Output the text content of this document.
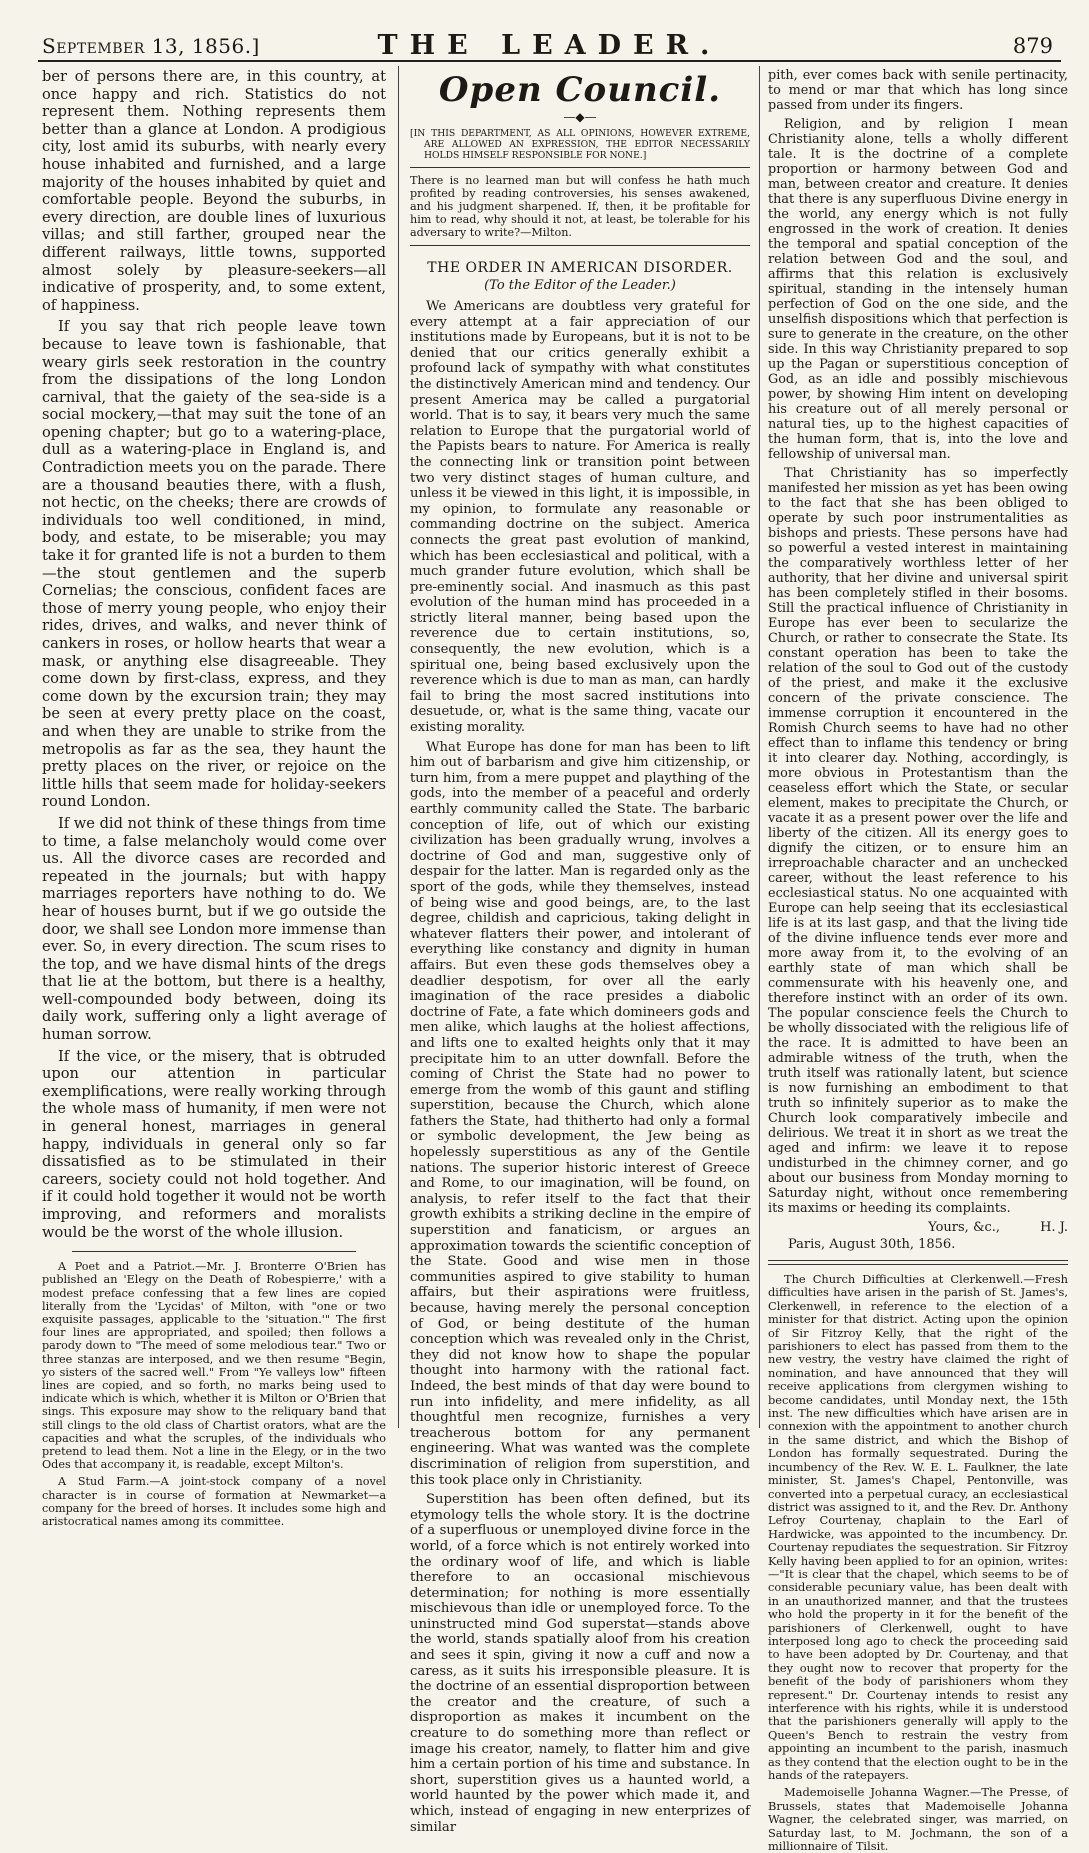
September 13, 1856.]	THE LEADER.	879

ber of persons there are, in this country, at once happy and rich. Statistics do not represent them. Nothing represents them better than a glance at London. A prodigious city, lost amid its suburbs, with nearly every house inhabited and furnished, and a large majority of the houses inhabited by quiet and comfortable people. Beyond the suburbs, in every direction, are double lines of luxurious villas; and still farther, grouped near the different railways, little towns, supported almost solely by pleasure-seekers—all indicative of prosperity, and, to some extent, of happiness.

If you say that rich people leave town because to leave town is fashionable, that weary girls seek restoration in the country from the dissipations of the long London carnival, that the gaiety of the sea-side is a social mockery,—that may suit the tone of an opening chapter; but go to a watering-place, dull as a watering-place in England is, and Contradiction meets you on the parade. There are a thousand beauties there, with a flush, not hectic, on the cheeks; there are crowds of individuals too well conditioned, in mind, body, and estate, to be miserable; you may take it for granted life is not a burden to them—the stout gentlemen and the superb Cornelias; the conscious, confident faces are those of merry young people, who enjoy their rides, drives, and walks, and never think of cankers in roses, or hollow hearts that wear a mask, or anything else disagreeable. They come down by first-class, express, and they come down by the excursion train; they may be seen at every pretty place on the coast, and when they are unable to strike from the metropolis as far as the sea, they haunt the pretty places on the river, or rejoice on the little hills that seem made for holiday-seekers round London.

If we did not think of these things from time to time, a false melancholy would come over us. All the divorce cases are recorded and repeated in the journals; but with happy marriages reporters have nothing to do. We hear of houses burnt, but if we go outside the door, we shall see London more immense than ever. So, in every direction. The scum rises to the top, and we have dismal hints of the dregs that lie at the bottom, but there is a healthy, well-compounded body between, doing its daily work, suffering only a light average of human sorrow.

If the vice, or the misery, that is obtruded upon our attention in particular exemplifications, were really working through the whole mass of humanity, if men were not in general honest, marriages in general happy, individuals in general only so far dissatisfied as to be stimulated in their careers, society could not hold together. And if it could hold together it would not be worth improving, and reformers and moralists would be the worst of the whole illusion.

A Poet and a Patriot.—Mr. J. Bronterre O'Brien has published an 'Elegy on the Death of Robespierre,' with a modest preface confessing that a few lines are copied literally from the 'Lycidas' of Milton, with "one or two exquisite passages, applicable to the 'situation.'" The first four lines are appropriated, and spoiled; then follows a parody down to "The meed of some melodious tear." Two or three stanzas are interposed, and we then resume "Begin, yo sisters of the sacred well." From "Ye valleys low" fifteen lines are copied, and so forth, no marks being used to indicate which is which, whether it is Milton or O'Brien that sings. This exposure may show to the reliquary band that still clings to the old class of Chartist orators, what are the capacities and what the scruples, of the individuals who pretend to lead them. Not a line in the Elegy, or in the two Odes that accompany it, is readable, except Milton's.

A Stud Farm.—A joint-stock company of a novel character is in course of formation at Newmarket—a company for the breed of horses. It includes some high and aristocratical names among its committee.

Open Council.
—◆—
[IN THIS DEPARTMENT, AS ALL OPINIONS, HOWEVER EXTREME, ARE ALLOWED AN EXPRESSION, THE EDITOR NECESSARILY HOLDS HIMSELF RESPONSIBLE FOR NONE.]
There is no learned man but will confess he hath much profited by reading controversies, his senses awakened, and his judgment sharpened. If, then, it be profitable for him to read, why should it not, at least, be tolerable for his adversary to write?—Milton.
THE ORDER IN AMERICAN DISORDER.
(To the Editor of the Leader.)

We Americans are doubtless very grateful for every attempt at a fair appreciation of our institutions made by Europeans, but it is not to be denied that our critics generally exhibit a profound lack of sympathy with what constitutes the distinctively American mind and tendency. Our present America may be called a purgatorial world. That is to say, it bears very much the same relation to Europe that the purgatorial world of the Papists bears to nature. For America is really the connecting link or transition point between two very distinct stages of human culture, and unless it be viewed in this light, it is impossible, in my opinion, to formulate any reasonable or commanding doctrine on the subject. America connects the great past evolution of mankind, which has been ecclesiastical and political, with a much grander future evolution, which shall be pre-eminently social. And inasmuch as this past evolution of the human mind has proceeded in a strictly literal manner, being based upon the reverence due to certain institutions, so, consequently, the new evolution, which is a spiritual one, being based exclusively upon the reverence which is due to man as man, can hardly fail to bring the most sacred institutions into desuetude, or, what is the same thing, vacate our existing morality.

What Europe has done for man has been to lift him out of barbarism and give him citizenship, or turn him, from a mere puppet and plaything of the gods, into the member of a peaceful and orderly earthly community called the State. The barbaric conception of life, out of which our existing civilization has been gradually wrung, involves a doctrine of God and man, suggestive only of despair for the latter. Man is regarded only as the sport of the gods, while they themselves, instead of being wise and good beings, are, to the last degree, childish and capricious, taking delight in whatever flatters their power, and intolerant of everything like constancy and dignity in human affairs. But even these gods themselves obey a deadlier despotism, for over all the early imagination of the race presides a diabolic doctrine of Fate, a fate which domineers gods and men alike, which laughs at the holiest affections, and lifts one to exalted heights only that it may precipitate him to an utter downfall. Before the coming of Christ the State had no power to emerge from the womb of this gaunt and stifling superstition, because the Church, which alone fathers the State, had thitherto had only a formal or symbolic development, the Jew being as hopelessly superstitious as any of the Gentile nations. The superior historic interest of Greece and Rome, to our imagination, will be found, on analysis, to refer itself to the fact that their growth exhibits a striking decline in the empire of superstition and fanaticism, or argues an approximation towards the scientific conception of the State. Good and wise men in those communities aspired to give stability to human affairs, but their aspirations were fruitless, because, having merely the personal conception of God, or being destitute of the human conception which was revealed only in the Christ, they did not know how to shape the popular thought into harmony with the rational fact. Indeed, the best minds of that day were bound to run into infidelity, and mere infidelity, as all thoughtful men recognize, furnishes a very treacherous bottom for any permanent engineering. What was wanted was the complete discrimination of religion from superstition, and this took place only in Christianity.

Superstition has been often defined, but its etymology tells the whole story. It is the doctrine of a superfluous or unemployed divine force in the world, of a force which is not entirely worked into the ordinary woof of life, and which is liable therefore to an occasional mischievous determination; for nothing is more essentially mischievous than idle or unemployed force. To the uninstructed mind God superstat—stands above the world, stands spatially aloof from his creation and sees it spin, giving it now a cuff and now a caress, as it suits his irresponsible pleasure. It is the doctrine of an essential disproportion between the creator and the creature, of such a disproportion as makes it incumbent on the creature to do something more than reflect or image his creator, namely, to flatter him and give him a certain portion of his time and substance. In short, superstition gives us a haunted world, a world haunted by the power which made it, and which, instead of engaging in new enterprizes of similar

pith, ever comes back with senile pertinacity, to mend or mar that which has long since passed from under its fingers.

Religion, and by religion I mean Christianity alone, tells a wholly different tale. It is the doctrine of a complete proportion or harmony between God and man, between creator and creature. It denies that there is any superfluous Divine energy in the world, any energy which is not fully engrossed in the work of creation. It denies the temporal and spatial conception of the relation between God and the soul, and affirms that this relation is exclusively spiritual, standing in the intensely human perfection of God on the one side, and the unselfish dispositions which that perfection is sure to generate in the creature, on the other side. In this way Christianity prepared to sop up the Pagan or superstitious conception of God, as an idle and possibly mischievous power, by showing Him intent on developing his creature out of all merely personal or natural ties, up to the highest capacities of the human form, that is, into the love and fellowship of universal man.

That Christianity has so imperfectly manifested her mission as yet has been owing to the fact that she has been obliged to operate by such poor instrumentalities as bishops and priests. These persons have had so powerful a vested interest in maintaining the comparatively worthless letter of her authority, that her divine and universal spirit has been completely stifled in their bosoms. Still the practical influence of Christianity in Europe has ever been to secularize the Church, or rather to consecrate the State. Its constant operation has been to take the relation of the soul to God out of the custody of the priest, and make it the exclusive concern of the private conscience. The immense corruption it encountered in the Romish Church seems to have had no other effect than to inflame this tendency or bring it into clearer day. Nothing, accordingly, is more obvious in Protestantism than the ceaseless effort which the State, or secular element, makes to precipitate the Church, or vacate it as a present power over the life and liberty of the citizen. All its energy goes to dignify the citizen, or to ensure him an irreproachable character and an unchecked career, without the least reference to his ecclesiastical status. No one acquainted with Europe can help seeing that its ecclesiastical life is at its last gasp, and that the living tide of the divine influence tends ever more and more away from it, to the evolving of an earthly state of man which shall be commensurate with his heavenly one, and therefore instinct with an order of its own. The popular conscience feels the Church to be wholly dissociated with the religious life of the race. It is admitted to have been an admirable witness of the truth, when the truth itself was rationally latent, but science is now furnishing an embodiment to that truth so infinitely superior as to make the Church look comparatively imbecile and delirious. We treat it in short as we treat the aged and infirm: we leave it to repose undisturbed in the chimney corner, and go about our business from Monday morning to Saturday night, without once remembering its maxims or heeding its complaints.

Yours, &c.,	H. J.
Paris, August 30th, 1856.

The Church Difficulties at Clerkenwell.—Fresh difficulties have arisen in the parish of St. James's, Clerkenwell, in reference to the election of a minister for that district. Acting upon the opinion of Sir Fitzroy Kelly, that the right of the parishioners to elect has passed from them to the new vestry, the vestry have claimed the right of nomination, and have announced that they will receive applications from clergymen wishing to become candidates, until Monday next, the 15th inst. The new difficulties which have arisen are in connexion with the appointment to another church in the same district, and which the Bishop of London has formally sequestrated. During the incumbency of the Rev. W. E. L. Faulkner, the late minister, St. James's Chapel, Pentonville, was converted into a perpetual curacy, an ecclesiastical district was assigned to it, and the Rev. Dr. Anthony Lefroy Courtenay, chaplain to the Earl of Hardwicke, was appointed to the incumbency. Dr. Courtenay repudiates the sequestration. Sir Fitzroy Kelly having been applied to for an opinion, writes:—"It is clear that the chapel, which seems to be of considerable pecuniary value, has been dealt with in an unauthorized manner, and that the trustees who hold the property in it for the benefit of the parishioners of Clerkenwell, ought to have interposed long ago to check the proceeding said to have been adopted by Dr. Courtenay, and that they ought now to recover that property for the benefit of the body of parishioners whom they represent." Dr. Courtenay intends to resist any interference with his rights, while it is understood that the parishioners generally will apply to the Queen's Bench to restrain the vestry from appointing an incumbent to the parish, inasmuch as they contend that the election ought to be in the hands of the ratepayers.

Mademoiselle Johanna Wagner.—The Presse, of Brussels, states that Mademoiselle Johanna Wagner, the celebrated singer, was married, on Saturday last, to M. Jochmann, the son of a millionnaire of Tilsit.
